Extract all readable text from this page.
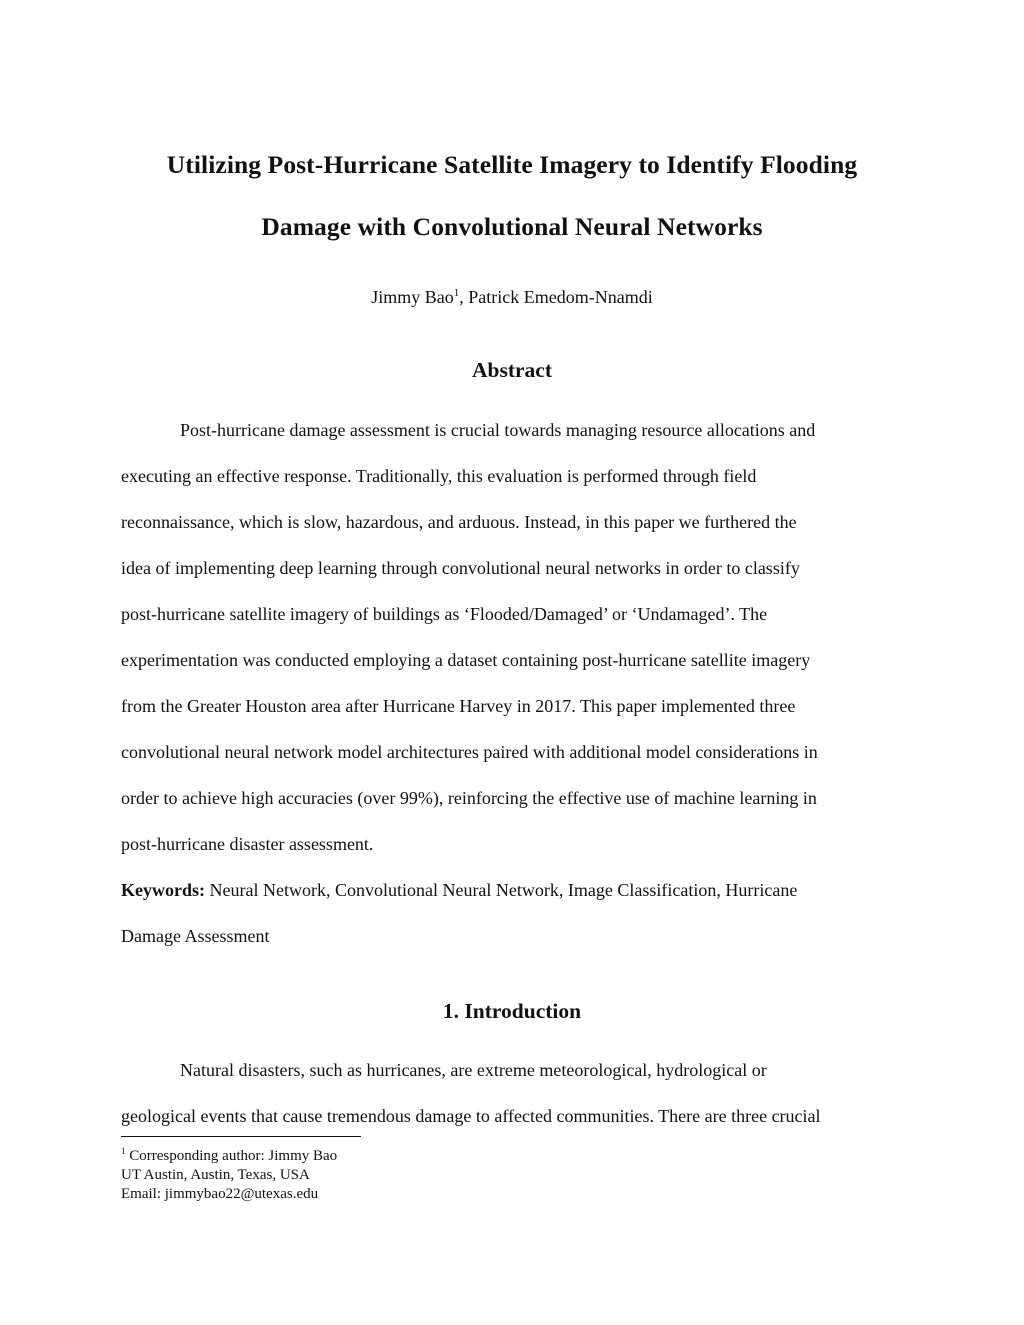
Utilizing Post-Hurricane Satellite Imagery to Identify Flooding
Damage with Convolutional Neural Networks
Jimmy Bao$^1$, Patrick Emedom-Nnamdi
Abstract
Post-hurricane damage assessment is crucial towards managing resource allocations and
executing an effective response. Traditionally, this evaluation is performed through field
reconnaissance, which is slow, hazardous, and arduous. Instead, in this paper we furthered the
idea of implementing deep learning through convolutional neural networks in order to classify
post-hurricane satellite imagery of buildings as ‘Flooded/Damaged’ or ‘Undamaged’. The
experimentation was conducted employing a dataset containing post-hurricane satellite imagery
from the Greater Houston area after Hurricane Harvey in 2017. This paper implemented three
convolutional neural network model architectures paired with additional model considerations in
order to achieve high accuracies (over 99%), reinforcing the effective use of machine learning in
post-hurricane disaster assessment.
Keywords: Neural Network, Convolutional Neural Network, Image Classification, Hurricane
Damage Assessment
1. Introduction
Natural disasters, such as hurricanes, are extreme meteorological, hydrological or
geological events that cause tremendous damage to affected communities. There are three crucial
$^1$ Corresponding author: Jimmy Bao
UT Austin, Austin, Texas, USA
Email: jimmybao22@utexas.edu
